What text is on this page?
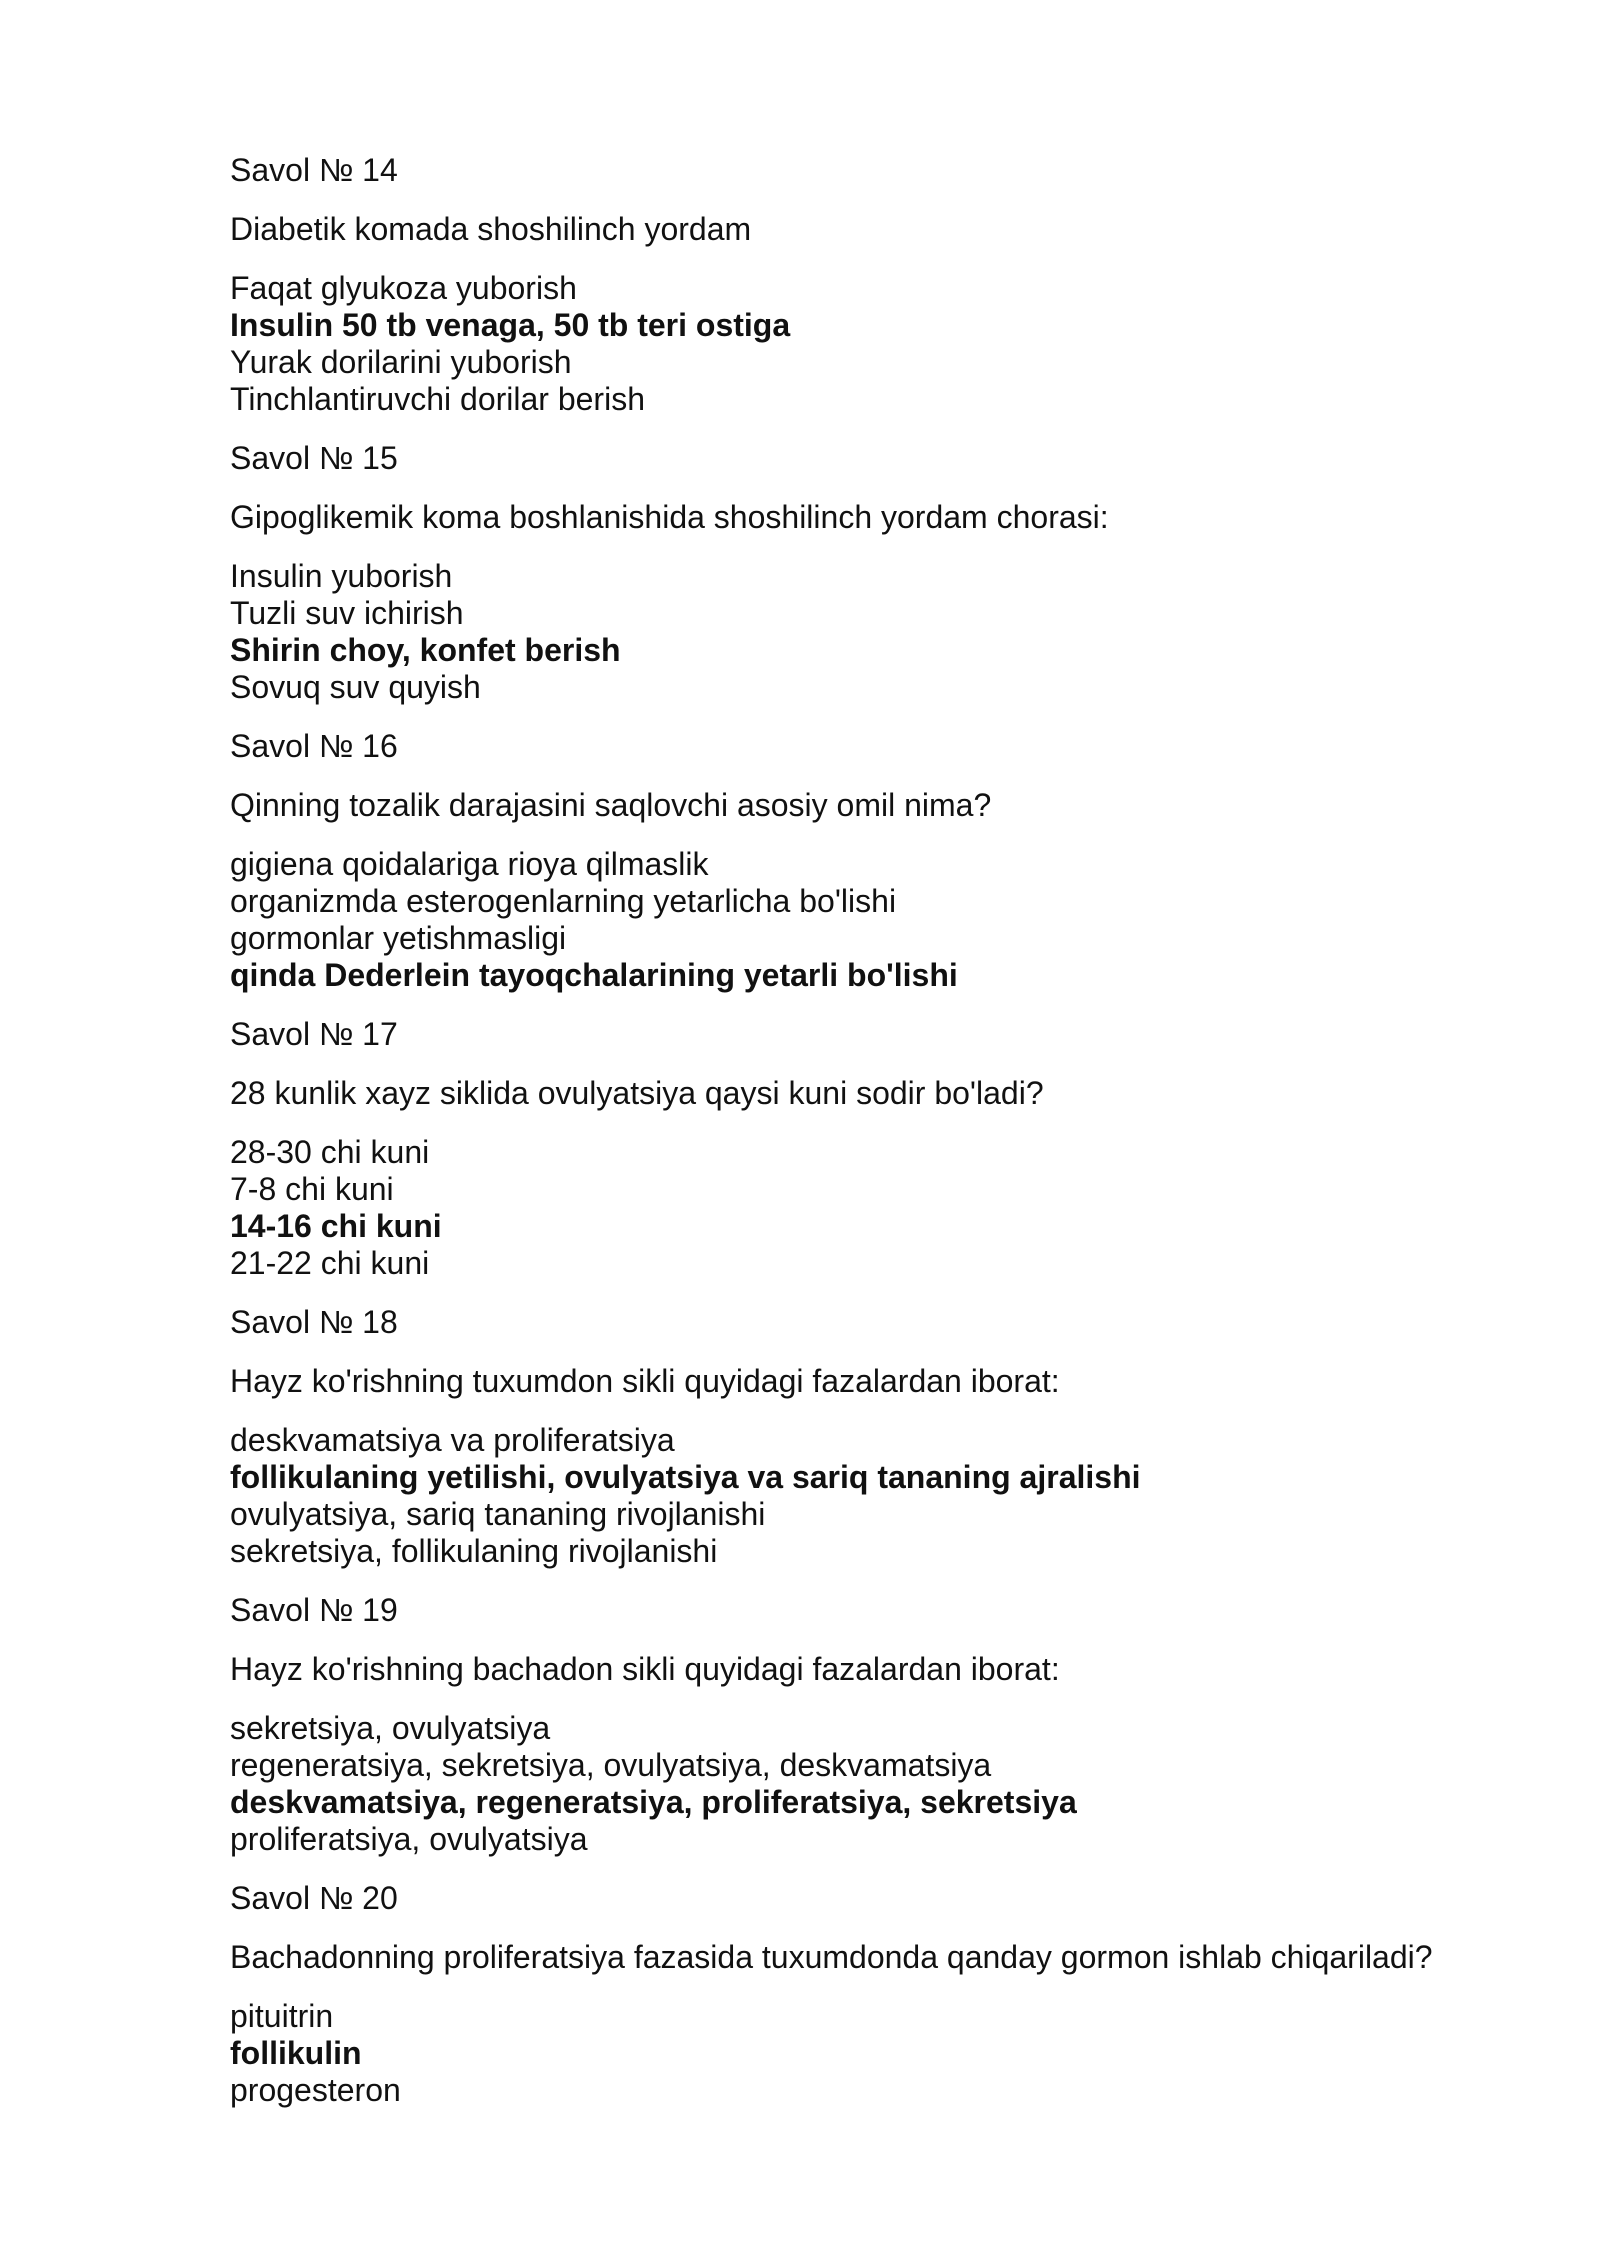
Savol № 14
Diabetik komada shoshilinch yordam
Faqat glyukoza yuborish
Insulin 50 tb venaga, 50 tb teri ostiga
Yurak dorilarini yuborish
Tinchlantiruvchi dorilar berish
Savol № 15
Gipoglikemik koma boshlanishida shoshilinch yordam chorasi:
Insulin yuborish
Tuzli suv ichirish
Shirin choy, konfet berish
Sovuq suv quyish
Savol № 16
Qinning tozalik darajasini saqlovchi asosiy omil nima?
gigiena qoidalariga rioya qilmaslik
organizmda esterogenlarning yetarlicha bo'lishi
gormonlar yetishmasligi
qinda Dederlein tayoqchalarining yetarli bo'lishi
Savol № 17
28 kunlik xayz siklida ovulyatsiya qaysi kuni sodir bo'ladi?
28-30 chi kuni
7-8 chi kuni
14-16 chi kuni
21-22 chi kuni
Savol № 18
Hayz ko'rishning tuxumdon sikli quyidagi fazalardan iborat:
deskvamatsiya va proliferatsiya
follikulaning yetilishi, ovulyatsiya va sariq tananing ajralishi
ovulyatsiya, sariq tananing rivojlanishi
sekretsiya, follikulaning rivojlanishi
Savol № 19
Hayz ko'rishning bachadon sikli quyidagi fazalardan iborat:
sekretsiya, ovulyatsiya
regeneratsiya, sekretsiya, ovulyatsiya, deskvamatsiya
deskvamatsiya, regeneratsiya, proliferatsiya, sekretsiya
proliferatsiya, ovulyatsiya
Savol № 20
Bachadonning proliferatsiya fazasida tuxumdonda qanday gormon ishlab chiqariladi?
pituitrin
follikulin
progesteron
